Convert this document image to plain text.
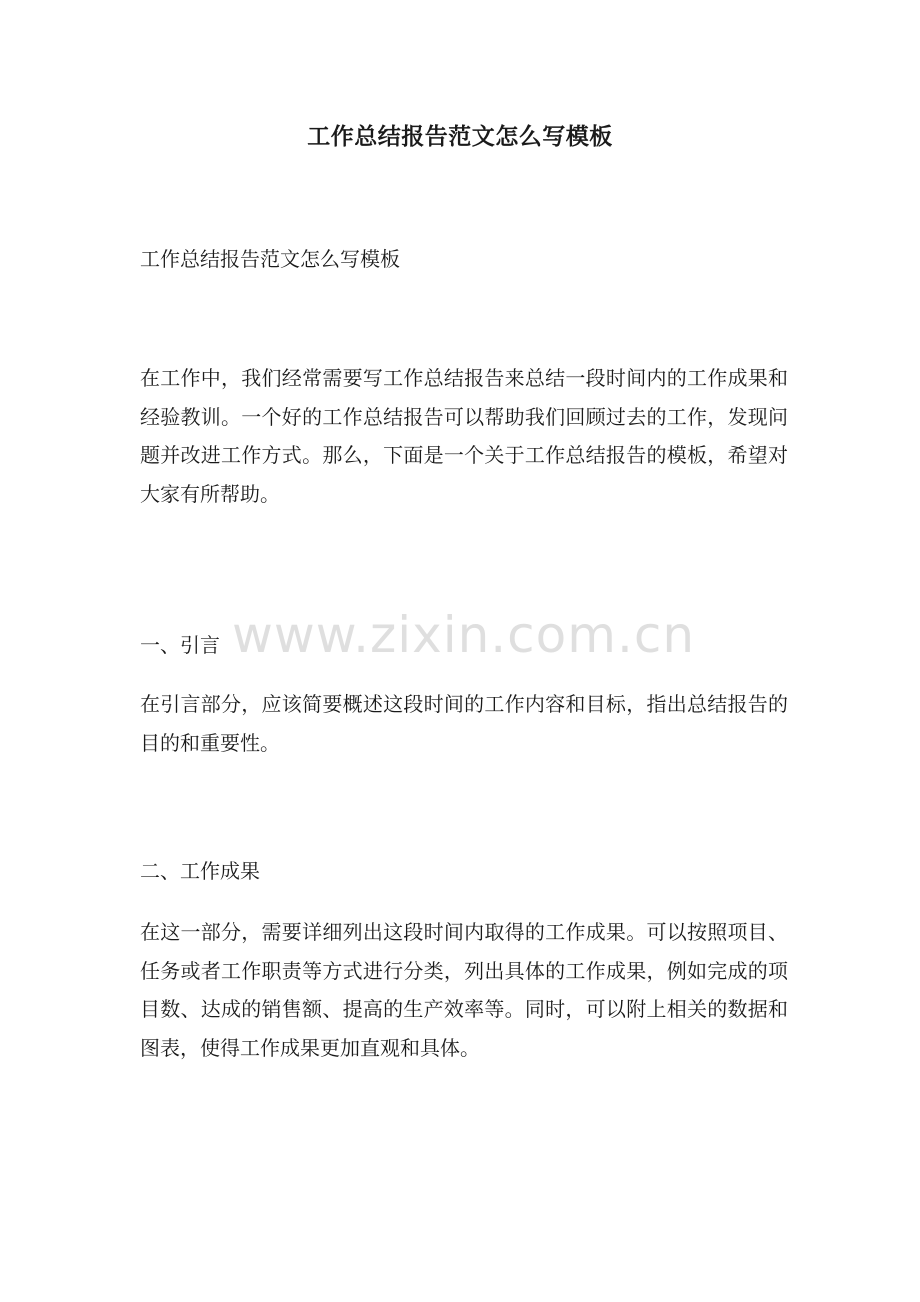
工作总结报告范文怎么写模板

工作总结报告范文怎么写模板

在工作中，我们经常需要写工作总结报告来总结一段时间内的工作成果和经验教训。一个好的工作总结报告可以帮助我们回顾过去的工作，发现问题并改进工作方式。那么，下面是一个关于工作总结报告的模板，希望对大家有所帮助。

一、引言

在引言部分，应该简要概述这段时间的工作内容和目标，指出总结报告的目的和重要性。

二、工作成果

在这一部分，需要详细列出这段时间内取得的工作成果。可以按照项目、任务或者工作职责等方式进行分类，列出具体的工作成果，例如完成的项目数、达成的销售额、提高的生产效率等。同时，可以附上相关的数据和图表，使得工作成果更加直观和具体。

www.zixin.com.cn
